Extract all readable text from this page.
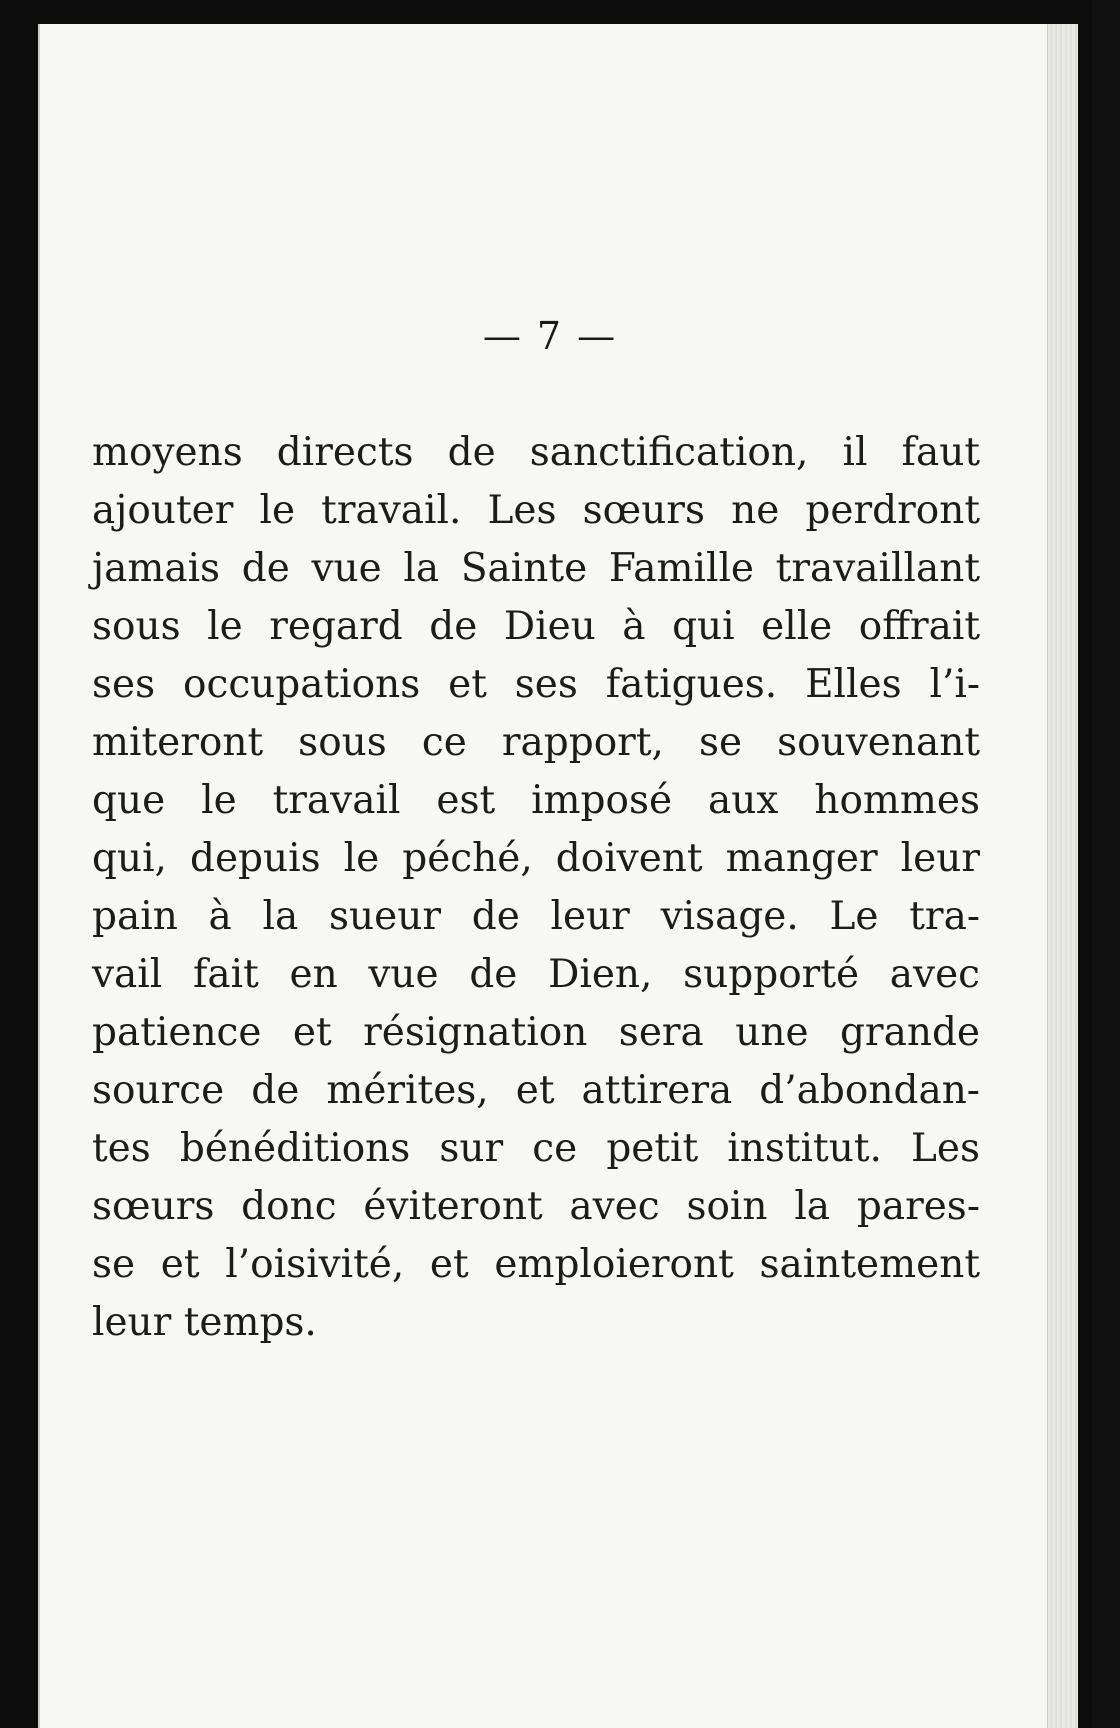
— 7 —
moyens directs de sanctification, il faut
ajouter le travail. Les sœurs ne perdront
jamais de vue la Sainte Famille travaillant
sous le regard de Dieu à qui elle offrait
ses occupations et ses fatigues. Elles l’i-
miteront sous ce rapport, se souvenant
que le travail est imposé aux hommes
qui, depuis le péché, doivent manger leur
pain à la sueur de leur visage. Le tra-
vail fait en vue de Dien, supporté avec
patience et résignation sera une grande
source de mérites, et attirera d’abondan-
tes bénéditions sur ce petit institut. Les
sœurs donc éviteront avec soin la pares-
se et l’oisivité, et emploieront saintement
leur temps.
